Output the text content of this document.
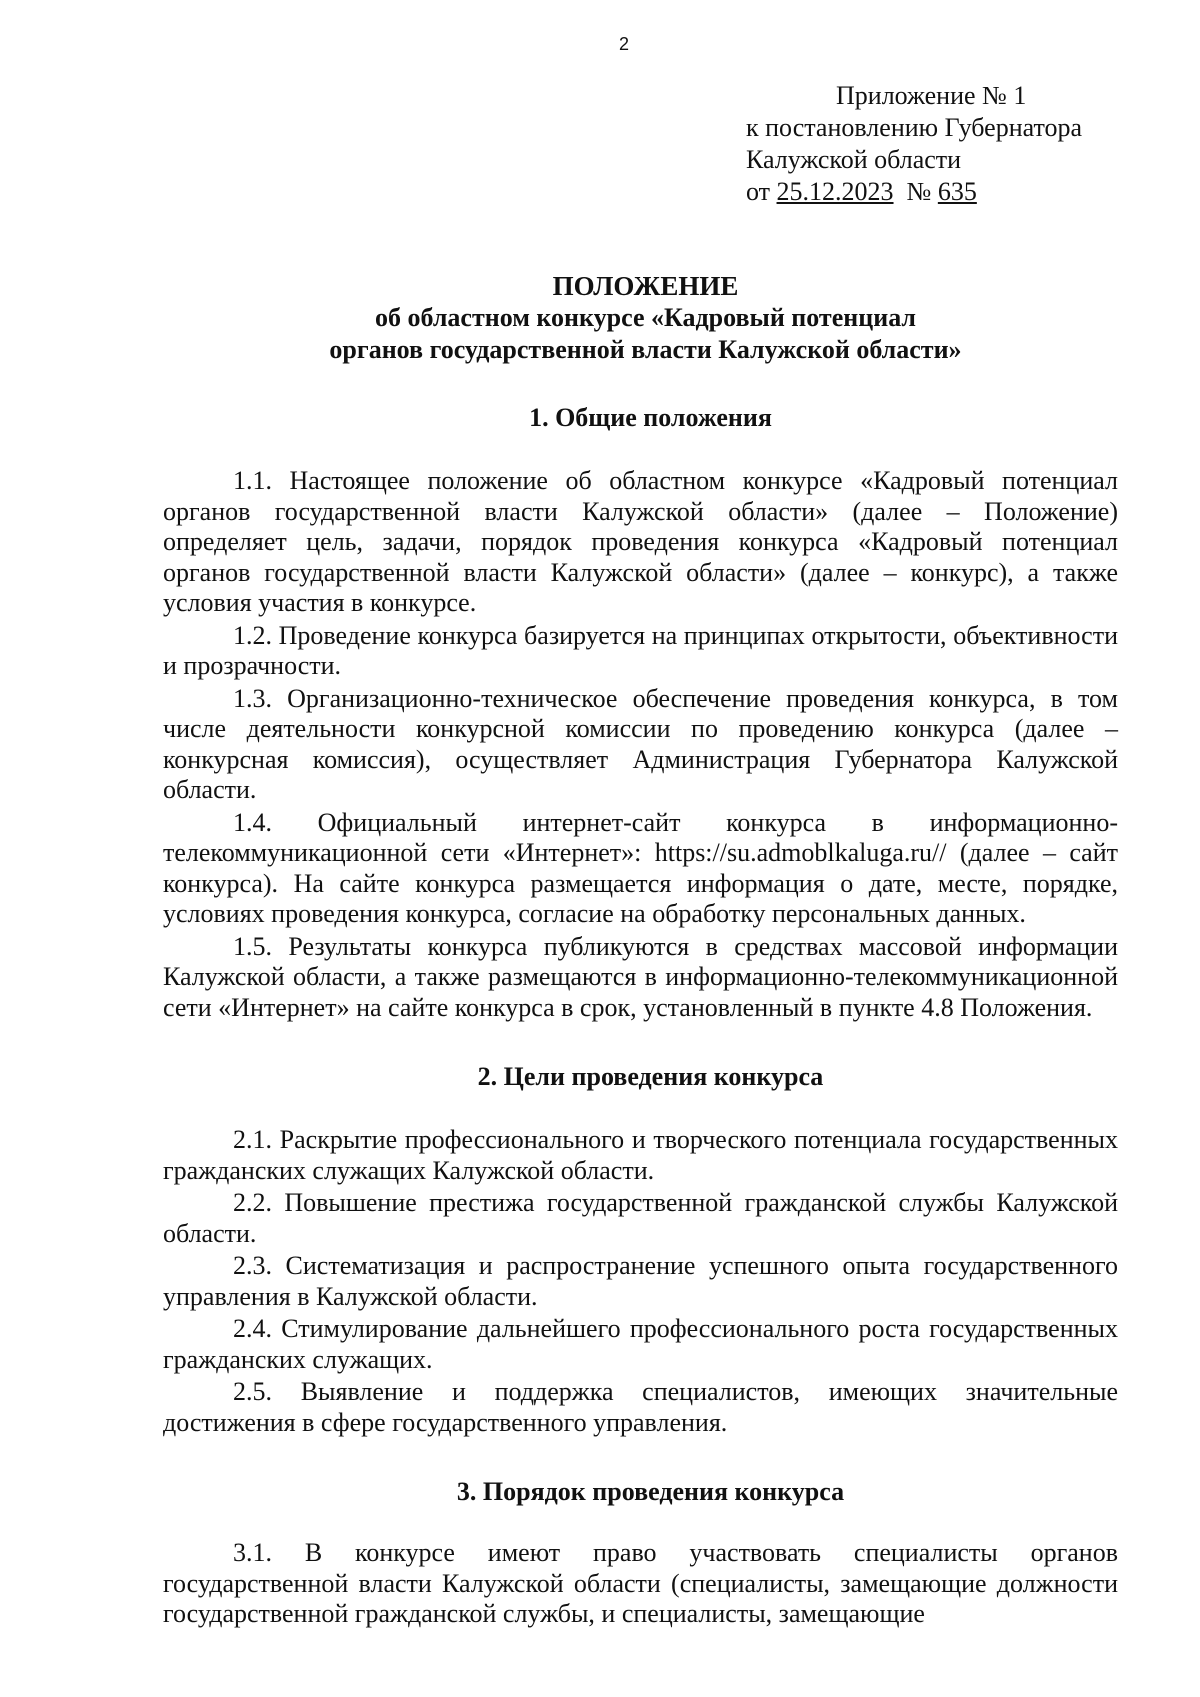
2
Приложение № 1
к постановлению Губернатора
Калужской области
от 25.12.2023 № 635
ПОЛОЖЕНИЕ
об областном конкурсе «Кадровый потенциал
органов государственной власти Калужской области»
1. Общие положения

1.1. Настоящее положение об областном конкурсе «Кадровый потенциал органов государственной власти Калужской области» (далее – Положение) определяет цель, задачи, порядок проведения конкурса «Кадровый потенциал органов государственной власти Калужской области» (далее – конкурс), а также условия участия в конкурсе.

1.2. Проведение конкурса базируется на принципах открытости, объективности и прозрачности.

1.3. Организационно-техническое обеспечение проведения конкурса, в том числе деятельности конкурсной комиссии по проведению конкурса (далее – конкурсная комиссия), осуществляет Администрация Губернатора Калужской области.

1.4. Официальный интернет-сайт конкурса в информационно-телекоммуникационной сети «Интернет»: https://su.admoblkaluga.ru// (далее – сайт конкурса). На сайте конкурса размещается информация о дате, месте, порядке, условиях проведения конкурса, согласие на обработку персональных данных.

1.5. Результаты конкурса публикуются в средствах массовой информации Калужской области, а также размещаются в информационно-телекоммуникационной сети «Интернет» на сайте конкурса в срок, установленный в пункте 4.8 Положения.

2. Цели проведения конкурса

2.1. Раскрытие профессионального и творческого потенциала государственных гражданских служащих Калужской области.

2.2. Повышение престижа государственной гражданской службы Калужской области.

2.3. Систематизация и распространение успешного опыта государственного управления в Калужской области.

2.4. Стимулирование дальнейшего профессионального роста государственных гражданских служащих.

2.5. Выявление и поддержка специалистов, имеющих значительные достижения в сфере государственного управления.

3. Порядок проведения конкурса

3.1. В конкурсе имеют право участвовать специалисты органов государственной власти Калужской области (специалисты, замещающие должности государственной гражданской службы, и специалисты, замещающие
